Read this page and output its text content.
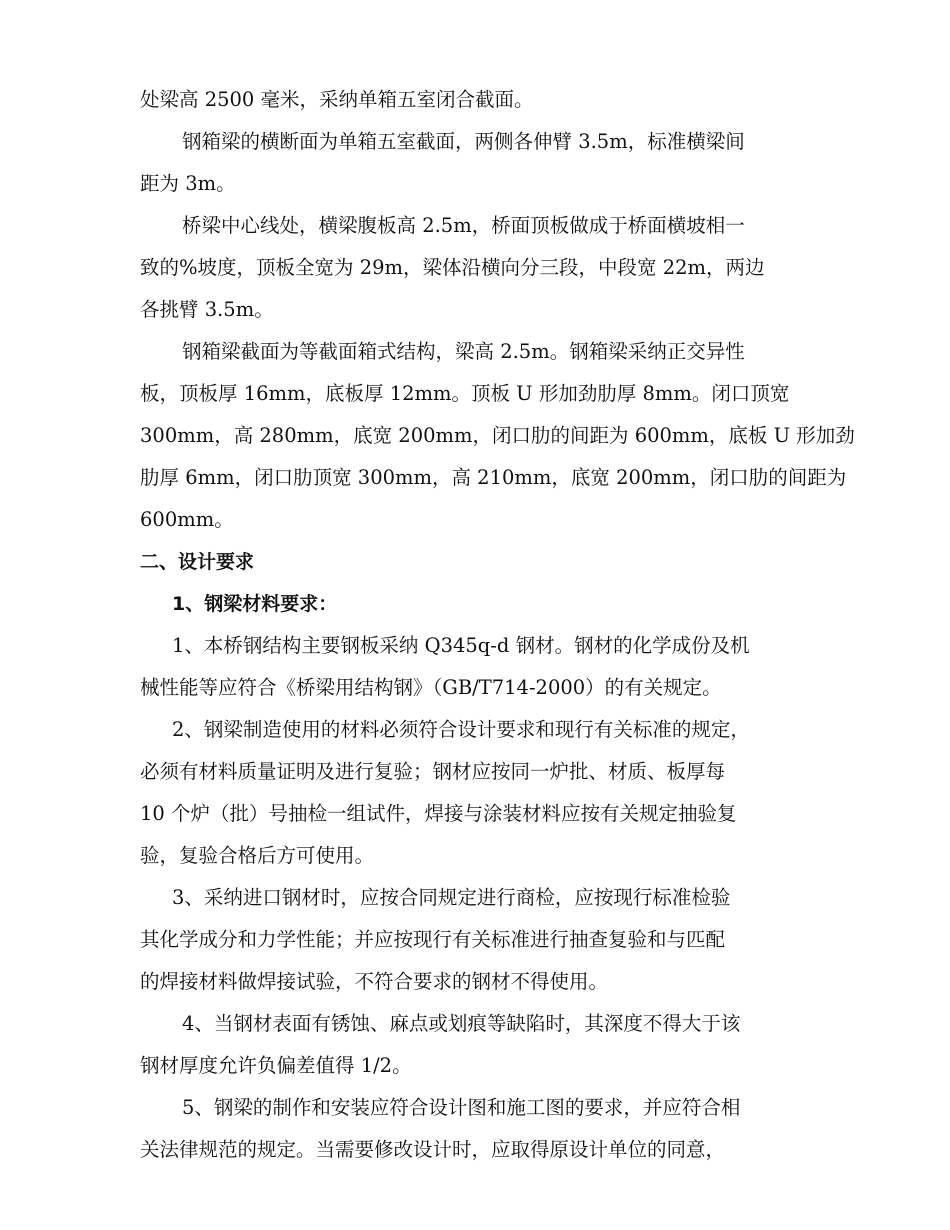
处梁高 2500 毫米，采纳单箱五室闭合截面。
钢箱梁的横断面为单箱五室截面，两侧各伸臂 3.5m，标准横梁间
距为 3m。
桥梁中心线处，横梁腹板高 2.5m，桥面顶板做成于桥面横坡相一
致的%坡度，顶板全宽为 29m，梁体沿横向分三段，中段宽 22m，两边
各挑臂 3.5m。
钢箱梁截面为等截面箱式结构，梁高 2.5m。钢箱梁采纳正交异性
板，顶板厚 16mm，底板厚 12mm。顶板 U 形加劲肋厚 8mm。闭口顶宽
300mm，高 280mm，底宽 200mm，闭口肋的间距为 600mm，底板 U 形加劲
肋厚 6mm，闭口肋顶宽 300mm，高 210mm，底宽 200mm，闭口肋的间距为
600mm。
二、设计要求
1、钢梁材料要求：
1、本桥钢结构主要钢板采纳 Q345q-d 钢材。钢材的化学成份及机
械性能等应符合《桥梁用结构钢》（GB/T714-2000）的有关规定。
2、钢梁制造使用的材料必须符合设计要求和现行有关标准的规定，
必须有材料质量证明及进行复验；钢材应按同一炉批、材质、板厚每
10 个炉（批）号抽检一组试件，焊接与涂装材料应按有关规定抽验复
验，复验合格后方可使用。
3、采纳进口钢材时，应按合同规定进行商检，应按现行标准检验
其化学成分和力学性能；并应按现行有关标准进行抽查复验和与匹配
的焊接材料做焊接试验，不符合要求的钢材不得使用。
4、当钢材表面有锈蚀、麻点或划痕等缺陷时，其深度不得大于该
钢材厚度允许负偏差值得 1/2。
5、钢梁的制作和安装应符合设计图和施工图的要求，并应符合相
关法律规范的规定。当需要修改设计时，应取得原设计单位的同意，
